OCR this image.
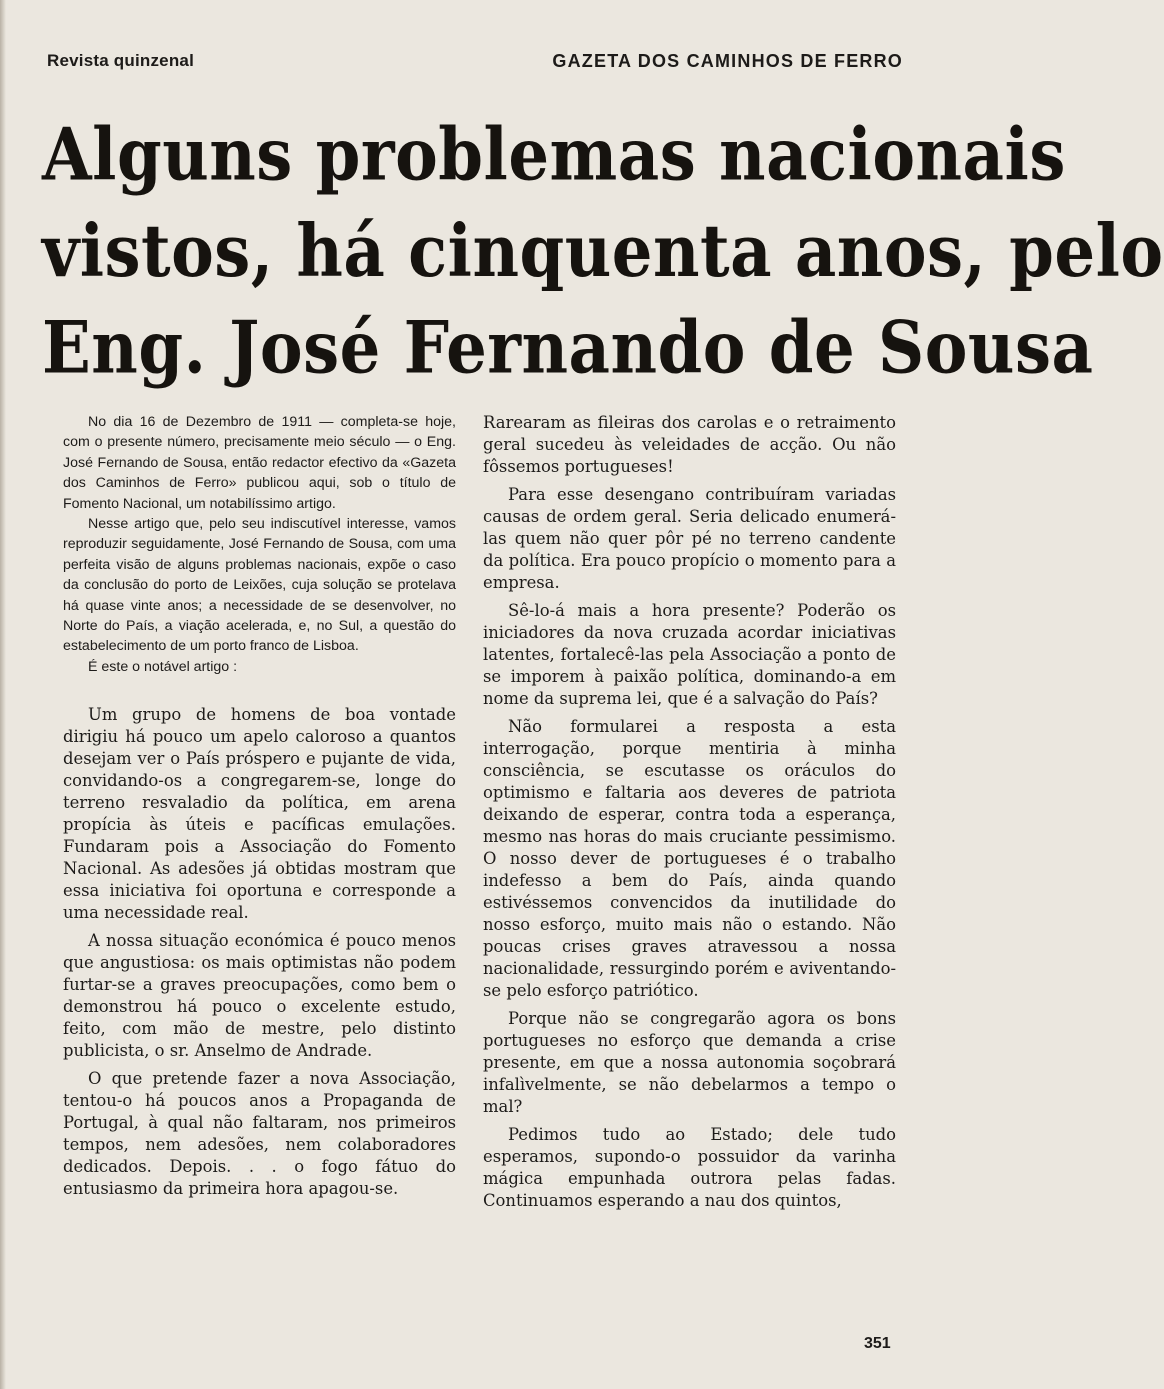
Revista quinzenal	GAZETA DOS CAMINHOS DE FERRO
Alguns problemas nacionais
vistos, há cinquenta anos, pelo
Eng. José Fernando de Sousa

No dia 16 de Dezembro de 1911 — completa-se hoje, com o presente número, precisamente meio século — o Eng. José Fernando de Sousa, então redactor efectivo da «Gazeta dos Caminhos de Ferro» publicou aqui, sob o título de Fomento Nacional, um notabilíssimo artigo.

Nesse artigo que, pelo seu indiscutível interesse, vamos reproduzir seguidamente, José Fernando de Sousa, com uma perfeita visão de alguns problemas nacionais, expõe o caso da conclusão do porto de Leixões, cuja solução se protelava há quase vinte anos; a necessidade de se desenvolver, no Norte do País, a viação acelerada, e, no Sul, a questão do estabelecimento de um porto franco de Lisboa.

É este o notável artigo :

Um grupo de homens de boa vontade dirigiu há pouco um apelo caloroso a quantos desejam ver o País próspero e pujante de vida, convidando-os a congregarem-se, longe do terreno resvaladio da política, em arena propícia às úteis e pacíficas emulações. Fundaram pois a Associação do Fomento Nacional. As adesões já obtidas mostram que essa iniciativa foi oportuna e corresponde a uma necessidade real.

A nossa situação económica é pouco menos que angustiosa: os mais optimistas não podem furtar-se a graves preocupações, como bem o demonstrou há pouco o excelente estudo, feito, com mão de mestre, pelo distinto publicista, o sr. Anselmo de Andrade.

O que pretende fazer a nova Associação, tentou-o há poucos anos a Propaganda de Portugal, à qual não faltaram, nos primeiros tempos, nem adesões, nem colaboradores dedicados. Depois. . . o fogo fátuo do entusiasmo da primeira hora apagou-se.

Rarearam as fileiras dos carolas e o retraimento geral sucedeu às veleidades de acção. Ou não fôssemos portugueses!

Para esse desengano contribuíram variadas causas de ordem geral. Seria delicado enumerá-las quem não quer pôr pé no terreno candente da política. Era pouco propício o momento para a empresa.

Sê-lo-á mais a hora presente? Poderão os iniciadores da nova cruzada acordar iniciativas latentes, fortalecê-las pela Associação a ponto de se imporem à paixão política, dominando-a em nome da suprema lei, que é a salvação do País?

Não formularei a resposta a esta interrogação, porque mentiria à minha consciência, se escutasse os oráculos do optimismo e faltaria aos deveres de patriota deixando de esperar, contra toda a esperança, mesmo nas horas do mais cruciante pessimismo. O nosso dever de portugueses é o trabalho indefesso a bem do País, ainda quando estivéssemos convencidos da inutilidade do nosso esforço, muito mais não o estando. Não poucas crises graves atravessou a nossa nacionalidade, ressurgindo porém e aviventando-se pelo esforço patriótico.

Porque não se congregarão agora os bons portugueses no esforço que demanda a crise presente, em que a nossa autonomia soçobrará infalìvelmente, se não debelarmos a tempo o mal?

Pedimos tudo ao Estado; dele tudo esperamos, supondo-o possuidor da varinha mágica empunhada outrora pelas fadas. Continuamos esperando a nau dos quintos,

351
